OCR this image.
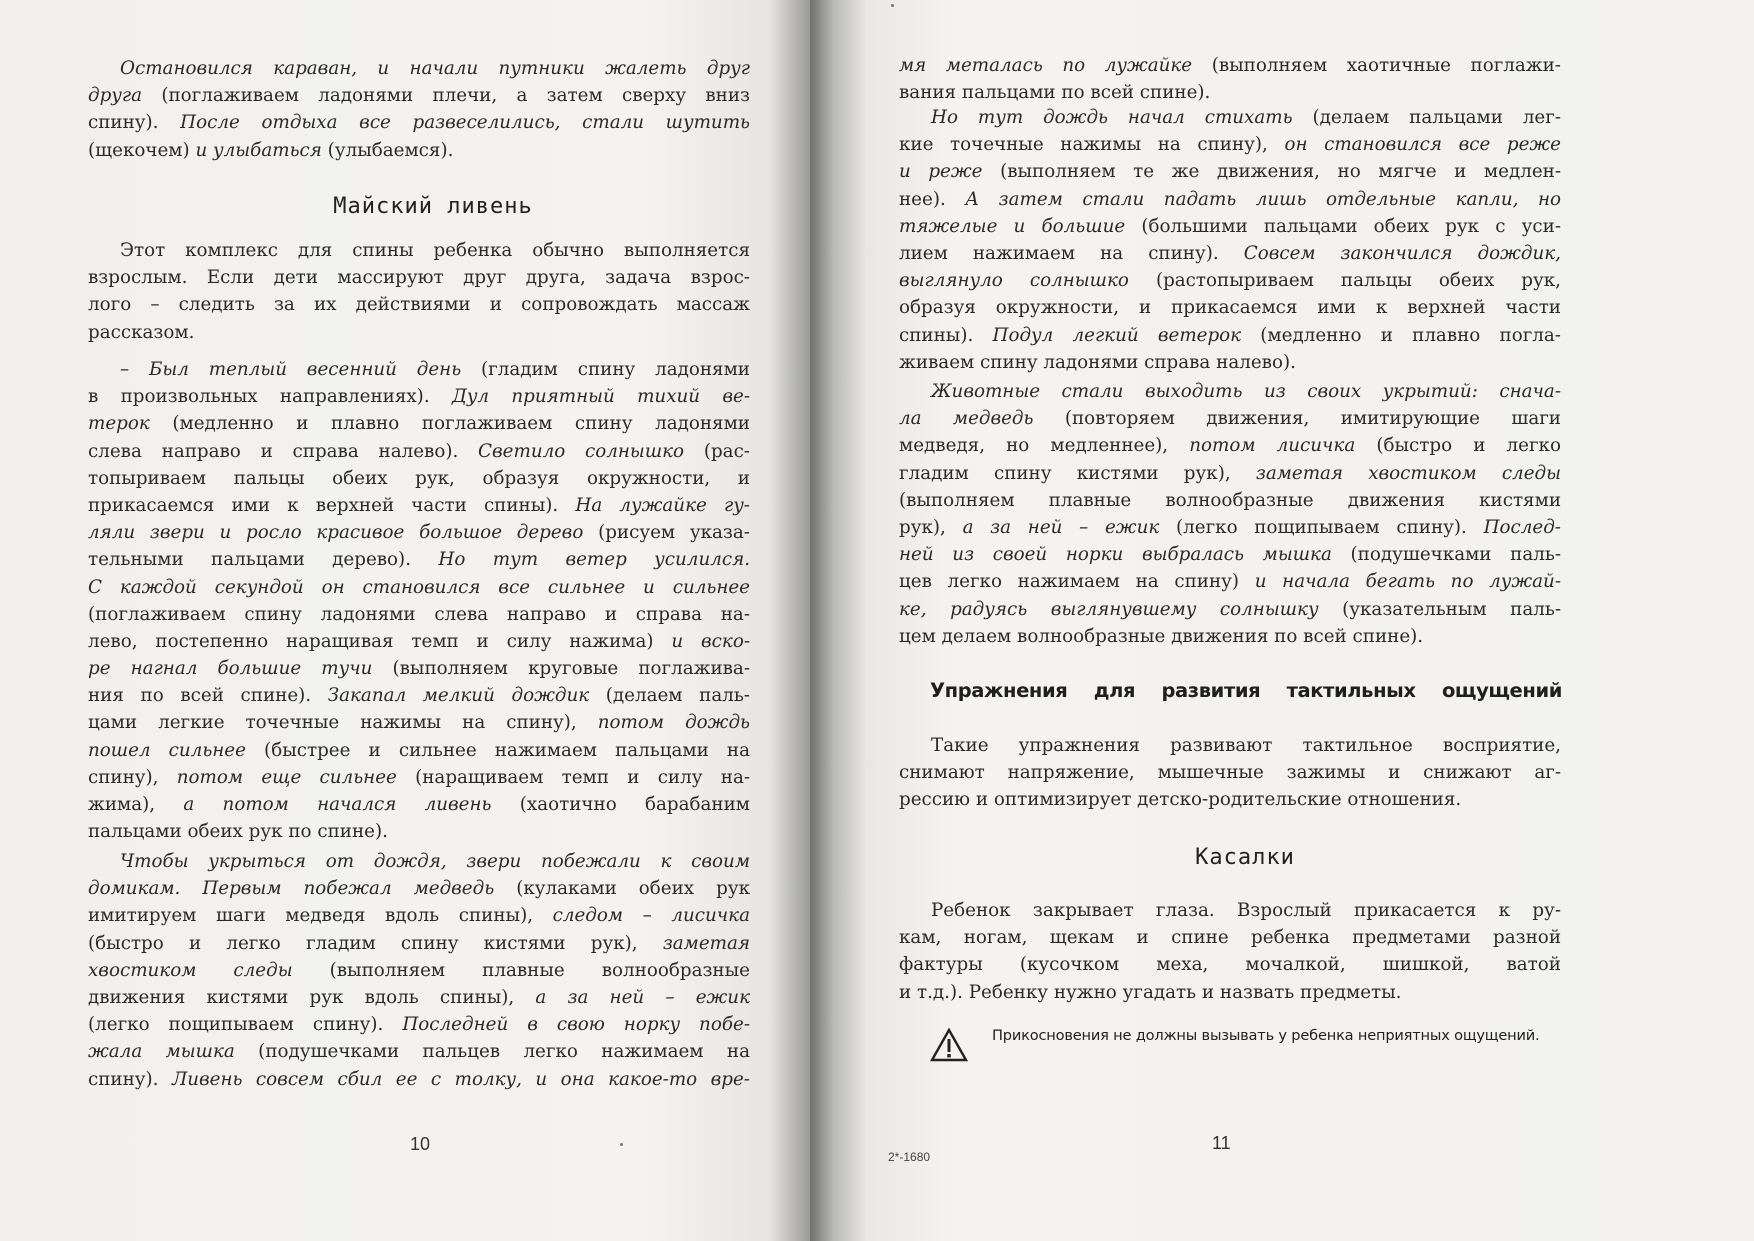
Майский ливень
10
Упражнения для развития тактильных ощущений
Касалки
Прикосновения не должны вызывать у ребенка неприятных ощущений.
11
2*-1680
Остановился караван, и начали путники жалеть друг
друга (поглаживаем ладонями плечи, а затем сверху вниз
спину). После отдыха все развеселились, стали шутить
(щекочем) и улыбаться (улыбаемся).
Этот комплекс для спины ребенка обычно выполняется
взрослым. Если дети массируют друг друга, задача взрос-
лого – следить за их действиями и сопровождать массаж
рассказом.
– Был теплый весенний день (гладим спину ладонями
в произвольных направлениях). Дул приятный тихий ве-
терок (медленно и плавно поглаживаем спину ладонями
слева направо и справа налево). Светило солнышко (рас-
топыриваем пальцы обеих рук, образуя окружности, и
прикасаемся ими к верхней части спины). На лужайке гу-
ляли звери и росло красивое большое дерево (рисуем указа-
тельными пальцами дерево). Но тут ветер усилился.
С каждой секундой он становился все сильнее и сильнее
(поглаживаем спину ладонями слева направо и справа на-
лево, постепенно наращивая темп и силу нажима) и вско-
ре нагнал большие тучи (выполняем круговые поглажива-
ния по всей спине). Закапал мелкий дождик (делаем паль-
цами легкие точечные нажимы на спину), потом дождь
пошел сильнее (быстрее и сильнее нажимаем пальцами на
спину), потом еще сильнее (наращиваем темп и силу на-
жима), а потом начался ливень (хаотично барабаним
пальцами обеих рук по спине).
Чтобы укрыться от дождя, звери побежали к своим
домикам. Первым побежал медведь (кулаками обеих рук
имитируем шаги медведя вдоль спины), следом – лисичка
(быстро и легко гладим спину кистями рук), заметая
хвостиком следы (выполняем плавные волнообразные
движения кистями рук вдоль спины), а за ней – ежик
(легко пощипываем спину). Последней в свою норку побе-
жала мышка (подушечками пальцев легко нажимаем на
спину). Ливень совсем сбил ее с толку, и она какое-то вре-
мя металась по лужайке (выполняем хаотичные поглажи-
вания пальцами по всей спине).
Но тут дождь начал стихать (делаем пальцами лег-
кие точечные нажимы на спину), он становился все реже
и реже (выполняем те же движения, но мягче и медлен-
нее). А затем стали падать лишь отдельные капли, но
тяжелые и большие (большими пальцами обеих рук с уси-
лием нажимаем на спину). Совсем закончился дождик,
выглянуло солнышко (растопыриваем пальцы обеих рук,
образуя окружности, и прикасаемся ими к верхней части
спины). Подул легкий ветерок (медленно и плавно погла-
живаем спину ладонями справа налево).
Животные стали выходить из своих укрытий: снача-
ла медведь (повторяем движения, имитирующие шаги
медведя, но медленнее), потом лисичка (быстро и легко
гладим спину кистями рук), заметая хвостиком следы
(выполняем плавные волнообразные движения кистями
рук), а за ней – ежик (легко пощипываем спину). Послед-
ней из своей норки выбралась мышка (подушечками паль-
цев легко нажимаем на спину) и начала бегать по лужай-
ке, радуясь выглянувшему солнышку (указательным паль-
цем делаем волнообразные движения по всей спине).
Такие упражнения развивают тактильное восприятие,
снимают напряжение, мышечные зажимы и снижают аг-
рессию и оптимизирует детско-родительские отношения.
Ребенок закрывает глаза. Взрослый прикасается к ру-
кам, ногам, щекам и спине ребенка предметами разной
фактуры (кусочком меха, мочалкой, шишкой, ватой
и т.д.). Ребенку нужно угадать и назвать предметы.
